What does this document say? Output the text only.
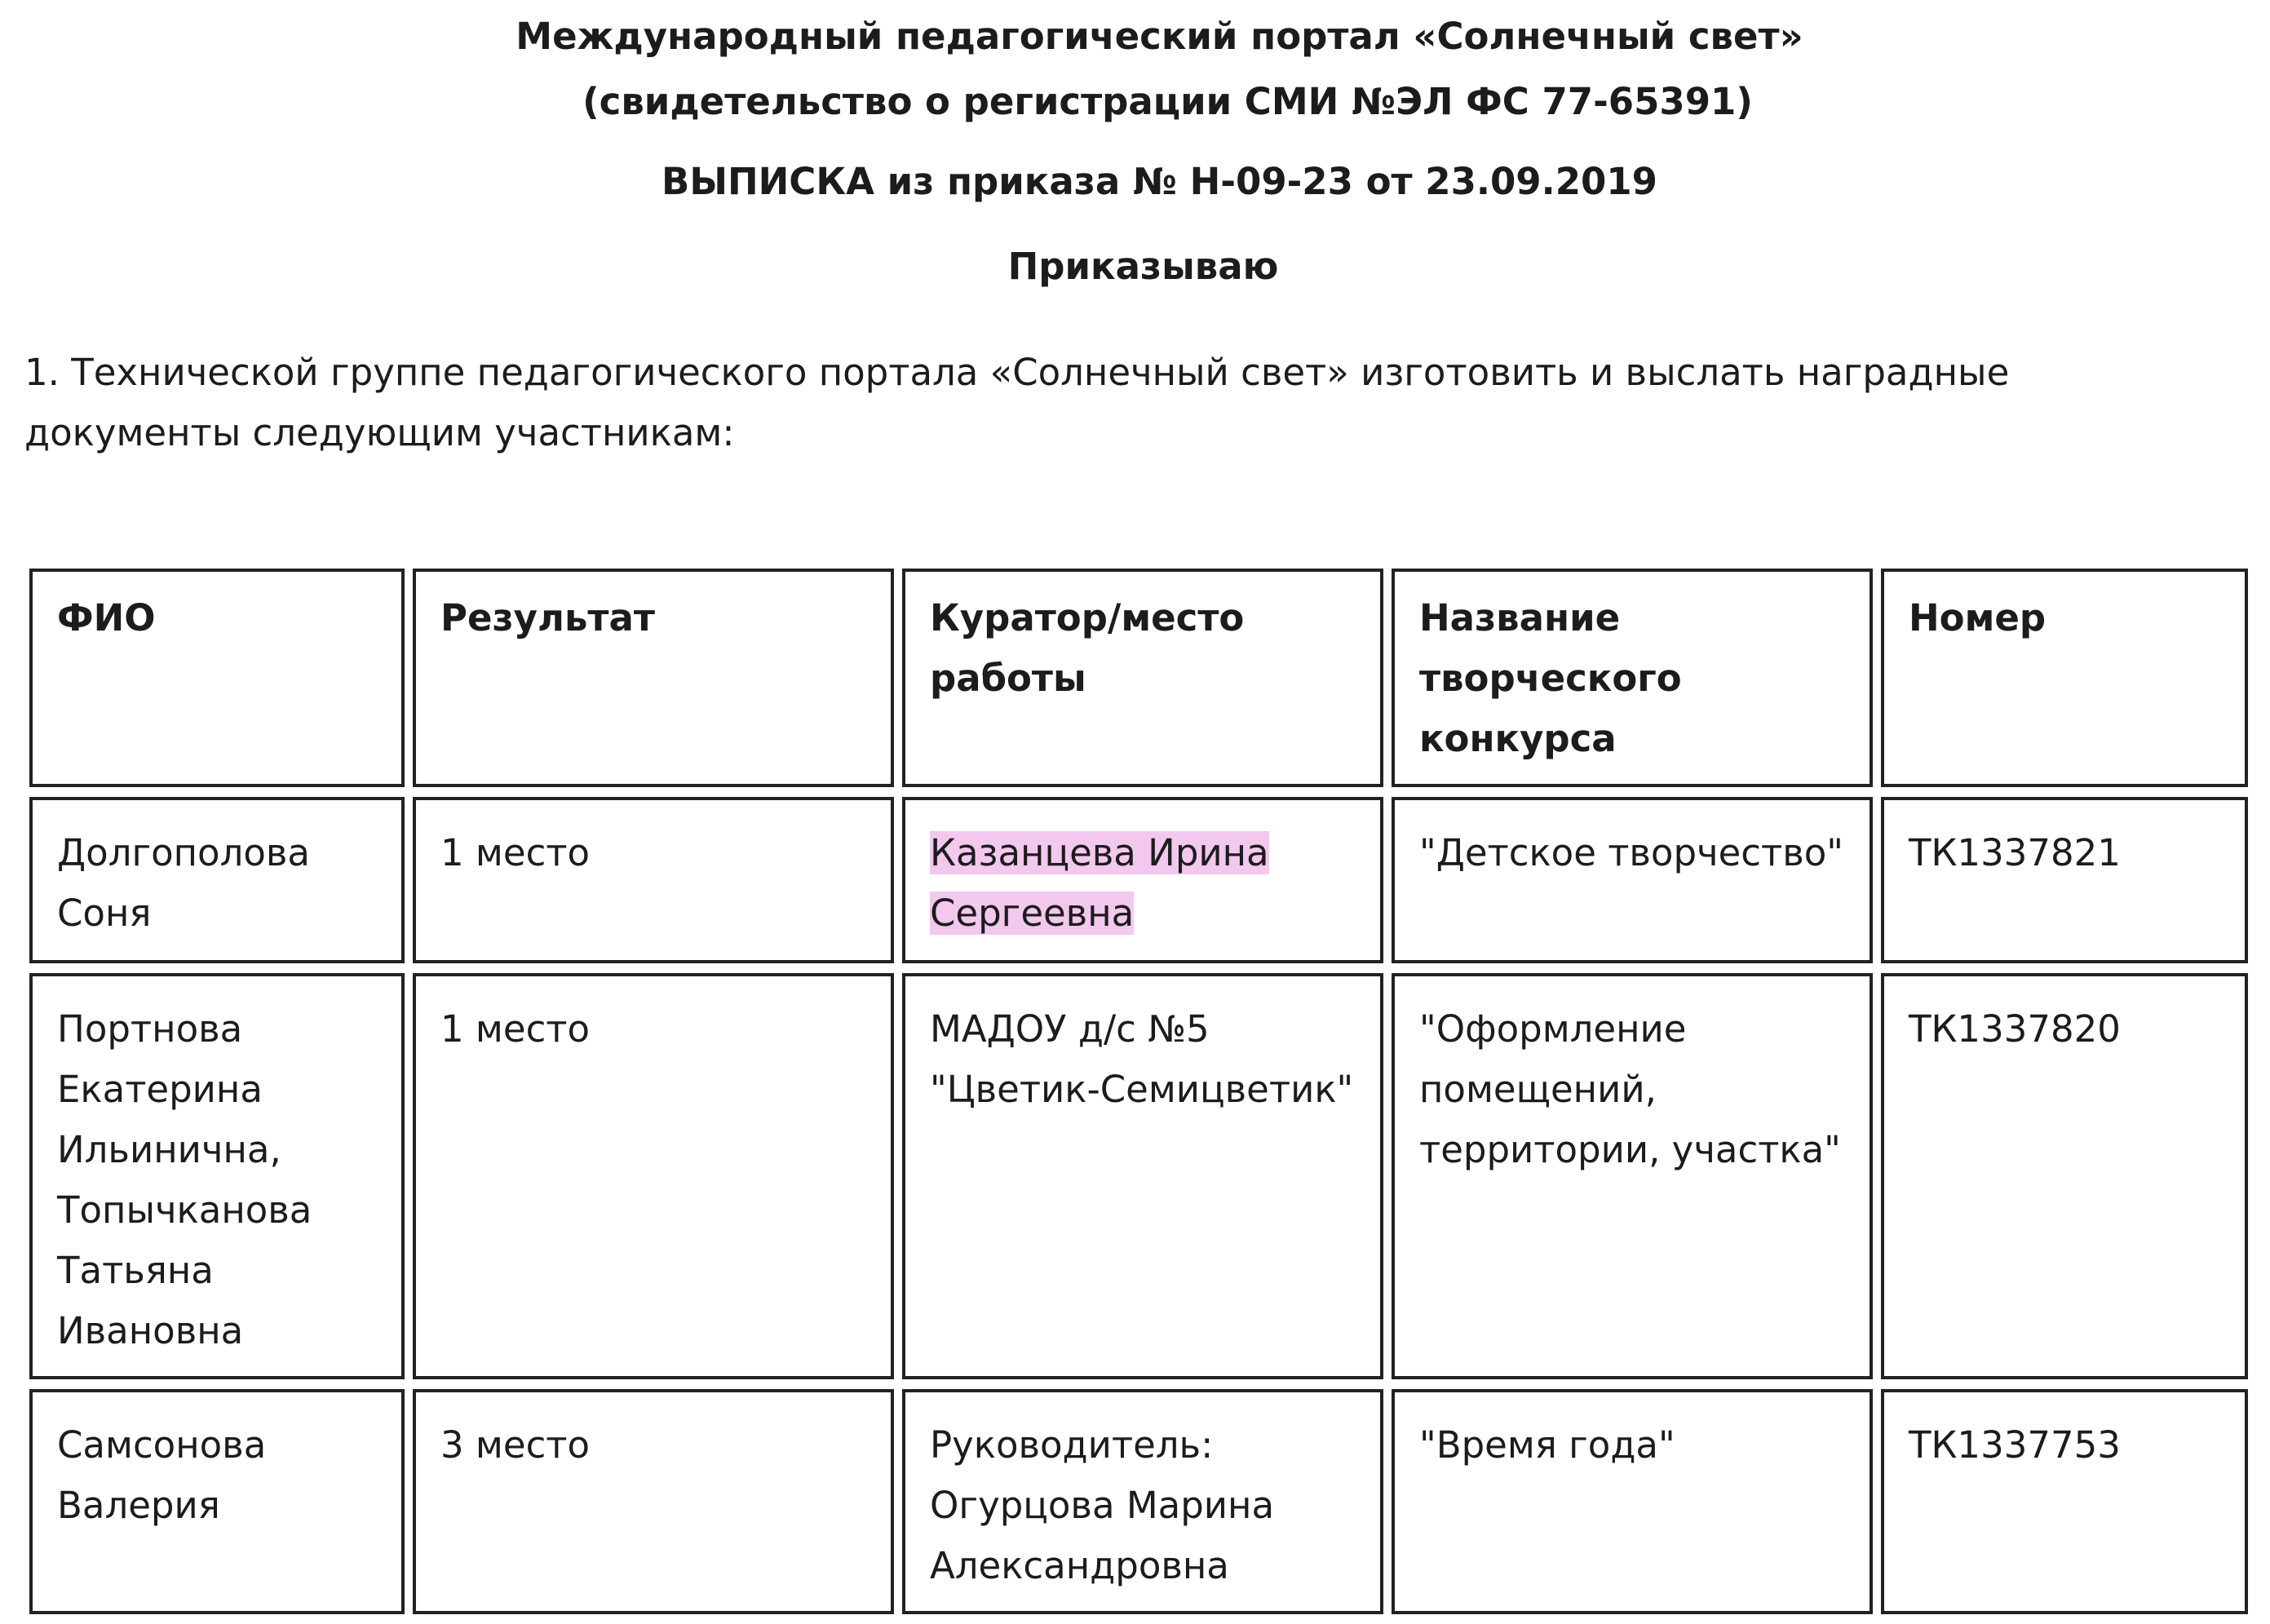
Международный педагогический портал «Солнечный свет»

(свидетельство о регистрации СМИ №ЭЛ ФС 77-65391)

ВЫПИСКА из приказа № Н-09-23 от 23.09.2019

Приказываю

1. Технической группе педагогического портала «Солнечный свет» изготовить и выслать наградные документы следующим участникам:

ФИО	Результат	Куратор/место работы	Название творческого конкурса	Номер
Долгополова Соня	1 место	Казанцева Ирина Сергеевна	"Детское творчество"	ТК1337821
Портнова Екатерина Ильинична, Топычканова Татьяна Ивановна	1 место	МАДОУ д/с №5 "Цветик-Семицветик"	"Оформление помещений, территории, участка"	ТК1337820
Самсонова Валерия	3 место	Руководитель: Огурцова Марина Александровна	"Время года"	ТК1337753
